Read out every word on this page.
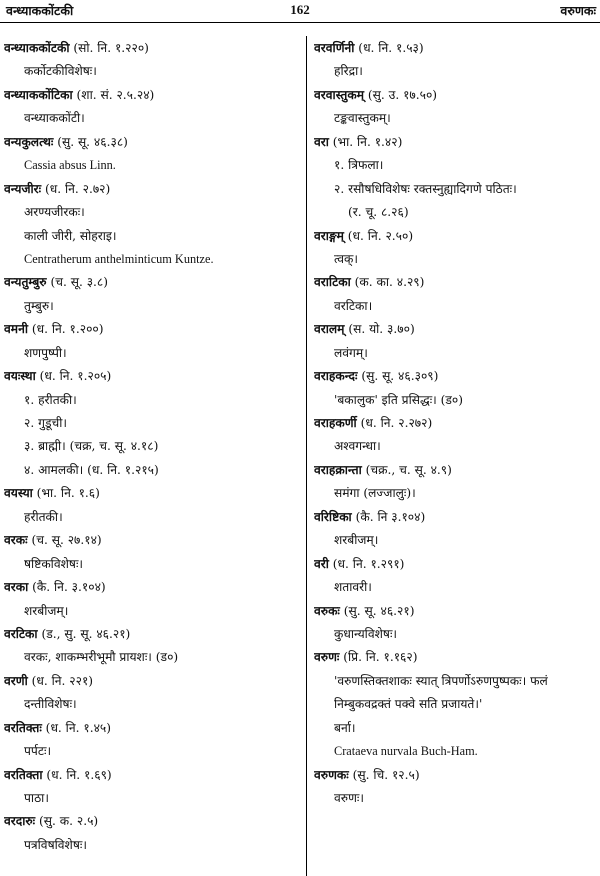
वन्ध्याककोंटकी	162	वरुणकः
वन्ध्याककोंटकी (सो. नि. १.२२०)
कर्कोटकीविशेषः।
वन्ध्याककोंटिका (शा. सं. २.५.२४)
वन्ध्याककोंटी।
वन्यकुलत्थः (सु. सू. ४६.३८)
Cassia absus Linn.
वन्यजीरः (ध. नि. २.७२)
अरण्यजीरकः।
काली जीरी, सोहराइ।
Centratherum anthelminticum Kuntze.
वन्यतुम्बुरु (च. सू. ३.८)
तुम्बुरु।
वमनी (ध. नि. १.२००)
शणपुष्पी।
वयःस्था (ध. नि. १.२०५)
१. हरीतकी।
२. गुडूची।
३. ब्राह्मी। (चक्र, च. सू. ४.१८)
४. आमलकी। (ध. नि. १.२१५)
वयस्या (भा. नि. १.६)
हरीतकी।
वरकः (च. सू. २७.१४)
षष्टिकविशेषः।
वरका (कै. नि. ३.१०४)
शरबीजम्।
वरटिका (ड., सु. सू. ४६.२१)
वरकः, शाकम्भरीभूमौ प्रायशः। (ड०)
वरणी (ध. नि. २२१)
दन्तीविशेषः।
वरतिक्तः (ध. नि. १.४५)
पर्पटः।
वरतिक्ता (ध. नि. १.६९)
पाठा।
वरदारुः (सु. क. २.५)
पत्रविषविशेषः।
वरवर्णिनी (ध. नि. १.५३)
हरिद्रा।
वरवास्तुकम् (सु. उ. १७.५०)
टङ्कवास्तुकम्।
वरा (भा. नि. १.४२)
१. त्रिफला।
२. रसौषधिविशेषः रक्तस्नुह्यादिगणे पठितः।
(र. चू. ८.२६)
वराङ्गम् (ध. नि. २.५०)
त्वक्।
वराटिका (क. का. ४.२९)
वरटिका।
वरालम् (स. यो. ३.७०)
लवंगम्।
वराहकन्दः (सु. सू. ४६.३०९)
'बकालुक' इति प्रसिद्धः। (ड०)
वराहकर्णी (ध. नि. २.२७२)
अश्वगन्धा।
वराहक्रान्ता (चक्र., च. सू. ४.९)
समंगा (लज्जालुः)।
वरिष्टिका (कै. नि ३.१०४)
शरबीजम्।
वरी (ध. नि. १.२९१)
शतावरी।
वरुकः (सु. सू. ४६.२१)
कुधान्यविशेषः।
वरुणः (प्रि. नि. १.१६२)
'वरुणस्तिक्तशाकः स्यात् त्रिपर्णोऽरुणपुष्पकः। फलं
निम्बुकवद्रक्तं पक्वे सति प्रजायते।'
बर्ना।
Crataeva nurvala Buch-Ham.
वरुणकः (सु. चि. १२.५)
वरुणः।
